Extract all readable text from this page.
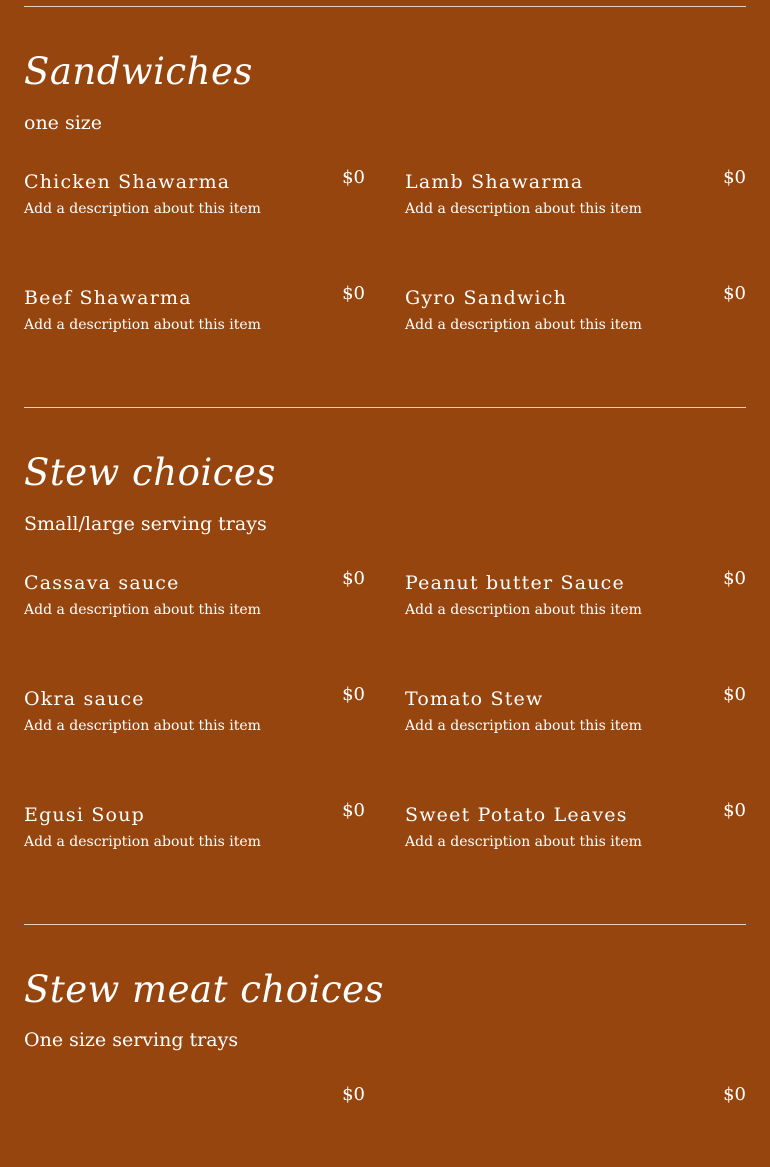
Sandwiches
one size
Chicken Shawarma	$0
Add a description about this item
Lamb Shawarma	$0
Add a description about this item
Beef Shawarma	$0
Add a description about this item
Gyro Sandwich	$0
Add a description about this item
Stew choices
Small/large serving trays
Cassava sauce	$0
Add a description about this item
Peanut butter Sauce	$0
Add a description about this item
Okra sauce	$0
Add a description about this item
Tomato Stew	$0
Add a description about this item
Egusi Soup	$0
Add a description about this item
Sweet Potato Leaves	$0
Add a description about this item
Stew meat choices
One size serving trays
$0	$0
